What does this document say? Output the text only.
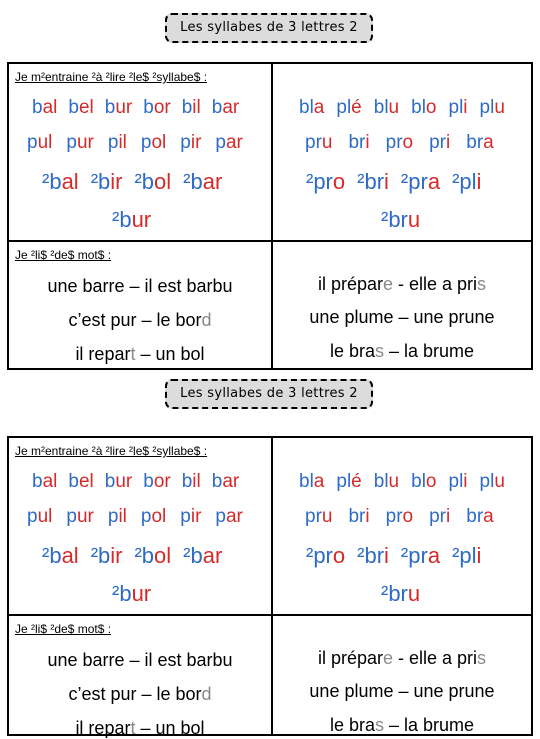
Les syllabes de 3 lettres 2
Je m²entraine ²à ²lire ²le$ ²syllabe$ :
Je ²li$ ²de$ mot$ :
bal bel bur bor bil bar
pul pur pil pol pir par
²bal ²bir ²bol ²bar
²bur
bla plé blu blo pli plu
pru bri pro pri bra
²pro ²bri ²pra ²pli
²bru
une barre – il est barbu
c’est pur – le bord
il repart – un bol
il prépare - elle a pris
une plume – une prune
le bras – la brume
Les syllabes de 3 lettres 2
Je m²entraine ²à ²lire ²le$ ²syllabe$ :
Je ²li$ ²de$ mot$ :
bal bel bur bor bil bar
pul pur pil pol pir par
²bal ²bir ²bol ²bar
²bur
bla plé blu blo pli plu
pru bri pro pri bra
²pro ²bri ²pra ²pli
²bru
une barre – il est barbu
c’est pur – le bord
il repart – un bol
il prépare - elle a pris
une plume – une prune
le bras – la brume
